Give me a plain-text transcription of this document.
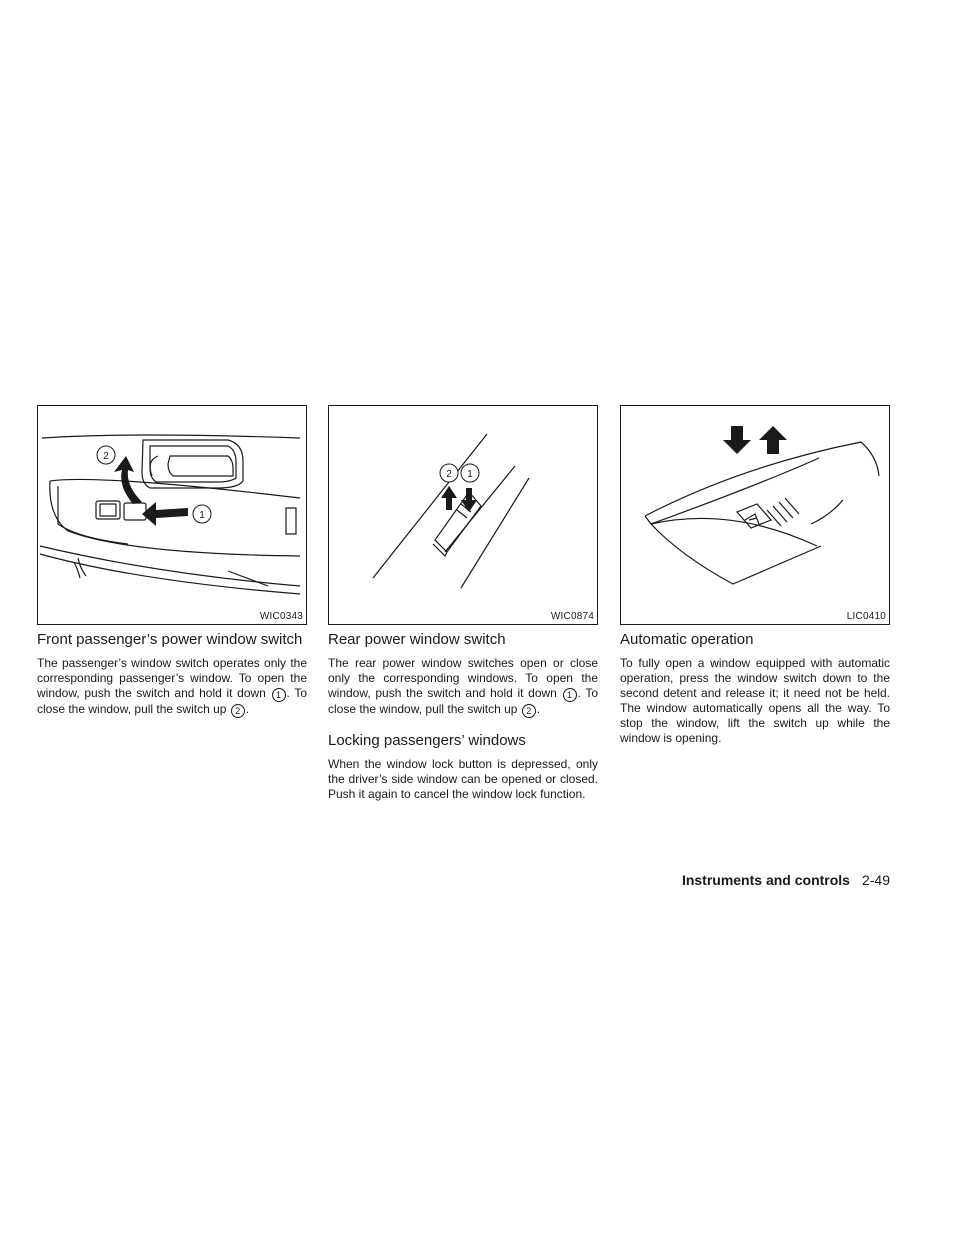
2
1
WIC0343
Front passenger’s power window switch

The passenger’s window switch operates only the corresponding passenger’s window. To open the window, push the switch and hold it down 1 . To close the window, pull the switch up 2 .

2 1
WIC0874
Rear power window switch

The rear power window switches open or close only the corresponding windows. To open the window, push the switch and hold it down 1 . To close the window, pull the switch up 2 .

Locking passengers’ windows

When the window lock button is depressed, only the driver’s side window can be opened or closed. Push it again to cancel the window lock function.

LIC0410
Automatic operation

To fully open a window equipped with automatic operation, press the window switch down to the second detent and release it; it need not be held. The window automatically opens all the way. To stop the window, lift the switch up while the window is opening.

Instruments and controls 2-49
